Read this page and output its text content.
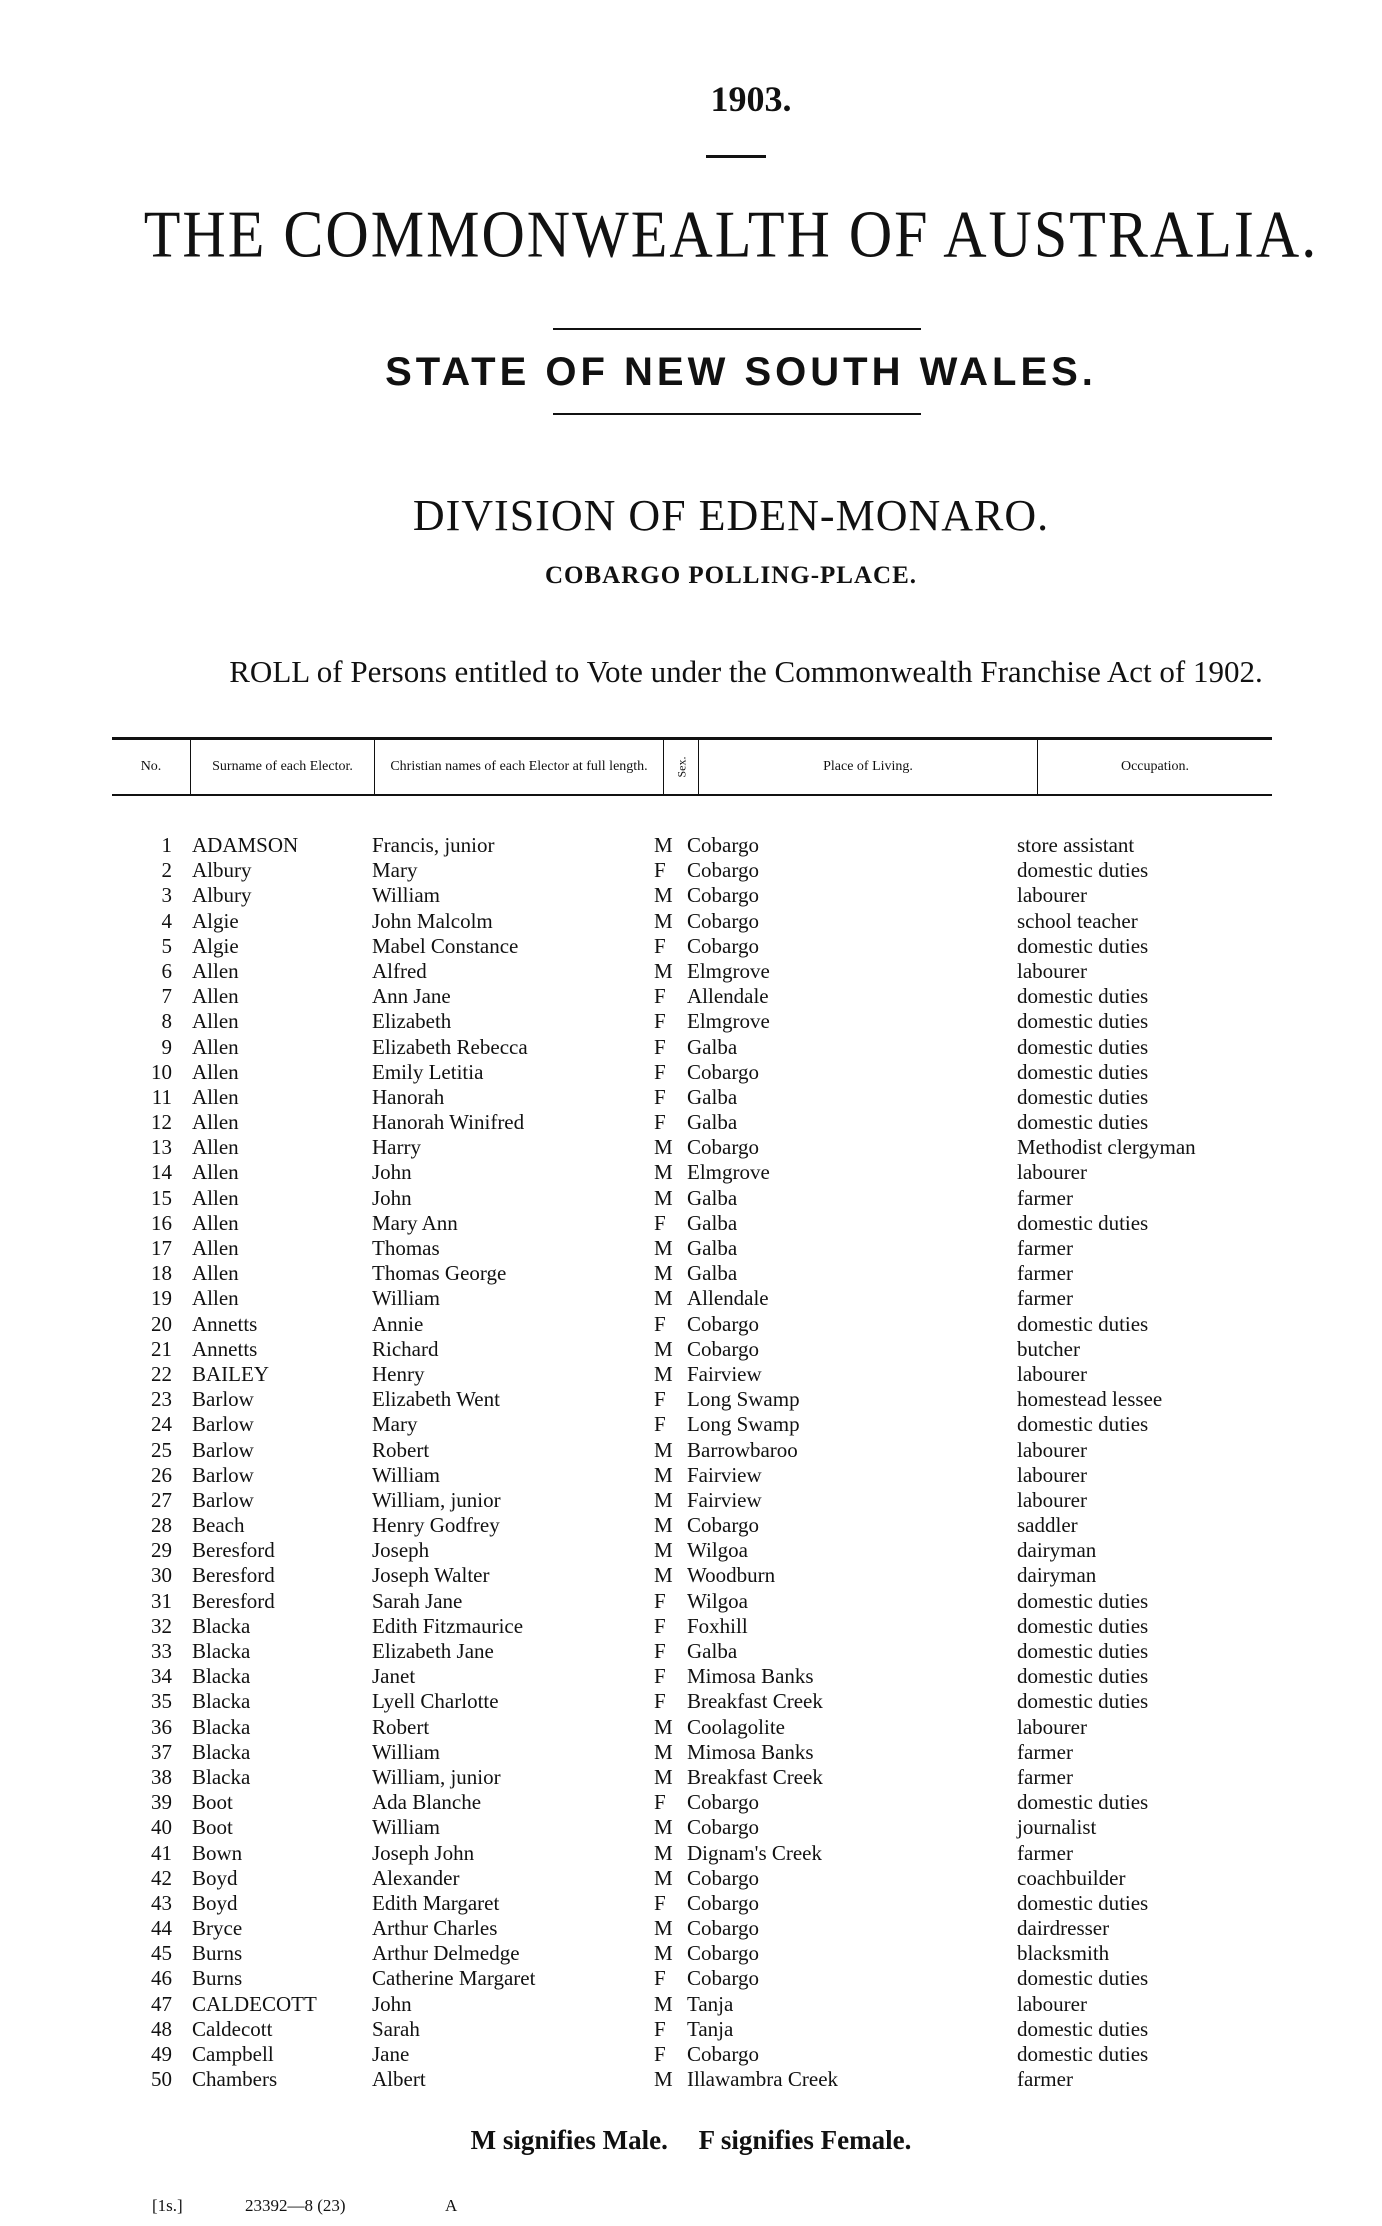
1903.
THE COMMONWEALTH OF AUSTRALIA.
STATE OF NEW SOUTH WALES.
DIVISION OF EDEN-MONARO.
COBARGO POLLING-PLACE.
ROLL of Persons entitled to Vote under the Commonwealth Franchise Act of 1902.
No.	Surname of each Elector.	Christian names of each Elector at full length.	Sex.	Place of Living.	Occupation.
1 ADAMSON	Francis, junior	M Cobargo	store assistant
2 Albury	Mary	F Cobargo	domestic duties
3 Albury	William	M Cobargo	labourer
4 Algie	John Malcolm	M Cobargo	school teacher
5 Algie	Mabel Constance	F Cobargo	domestic duties
6 Allen	Alfred	M Elmgrove	labourer
7 Allen	Ann Jane	F Allendale	domestic duties
8 Allen	Elizabeth	F Elmgrove	domestic duties
9 Allen	Elizabeth Rebecca	F Galba	domestic duties
10 Allen	Emily Letitia	F Cobargo	domestic duties
11 Allen	Hanorah	F Galba	domestic duties
12 Allen	Hanorah Winifred	F Galba	domestic duties
13 Allen	Harry	M Cobargo	Methodist clergyman
14 Allen	John	M Elmgrove	labourer
15 Allen	John	M Galba	farmer
16 Allen	Mary Ann	F Galba	domestic duties
17 Allen	Thomas	M Galba	farmer
18 Allen	Thomas George	M Galba	farmer
19 Allen	William	M Allendale	farmer
20 Annetts	Annie	F Cobargo	domestic duties
21 Annetts	Richard	M Cobargo	butcher
22 BAILEY	Henry	M Fairview	labourer
23 Barlow	Elizabeth Went	F Long Swamp	homestead lessee
24 Barlow	Mary	F Long Swamp	domestic duties
25 Barlow	Robert	M Barrowbaroo	labourer
26 Barlow	William	M Fairview	labourer
27 Barlow	William, junior	M Fairview	labourer
28 Beach	Henry Godfrey	M Cobargo	saddler
29 Beresford	Joseph	M Wilgoa	dairyman
30 Beresford	Joseph Walter	M Woodburn	dairyman
31 Beresford	Sarah Jane	F Wilgoa	domestic duties
32 Blacka	Edith Fitzmaurice	F Foxhill	domestic duties
33 Blacka	Elizabeth Jane	F Galba	domestic duties
34 Blacka	Janet	F Mimosa Banks	domestic duties
35 Blacka	Lyell Charlotte	F Breakfast Creek	domestic duties
36 Blacka	Robert	M Coolagolite	labourer
37 Blacka	William	M Mimosa Banks	farmer
38 Blacka	William, junior	M Breakfast Creek	farmer
39 Boot	Ada Blanche	F Cobargo	domestic duties
40 Boot	William	M Cobargo	journalist
41 Bown	Joseph John	M Dignam's Creek	farmer
42 Boyd	Alexander	M Cobargo	coachbuilder
43 Boyd	Edith Margaret	F Cobargo	domestic duties
44 Bryce	Arthur Charles	M Cobargo	dairdresser
45 Burns	Arthur Delmedge	M Cobargo	blacksmith
46 Burns	Catherine Margaret	F Cobargo	domestic duties
47 CALDECOTT	John	M Tanja	labourer
48 Caldecott	Sarah	F Tanja	domestic duties
49 Campbell	Jane	F Cobargo	domestic duties
50 Chambers	Albert	M Illawambra Creek	farmer
M signifies Male. F signifies Female.
[1s.]	23392—8 (23)	A
